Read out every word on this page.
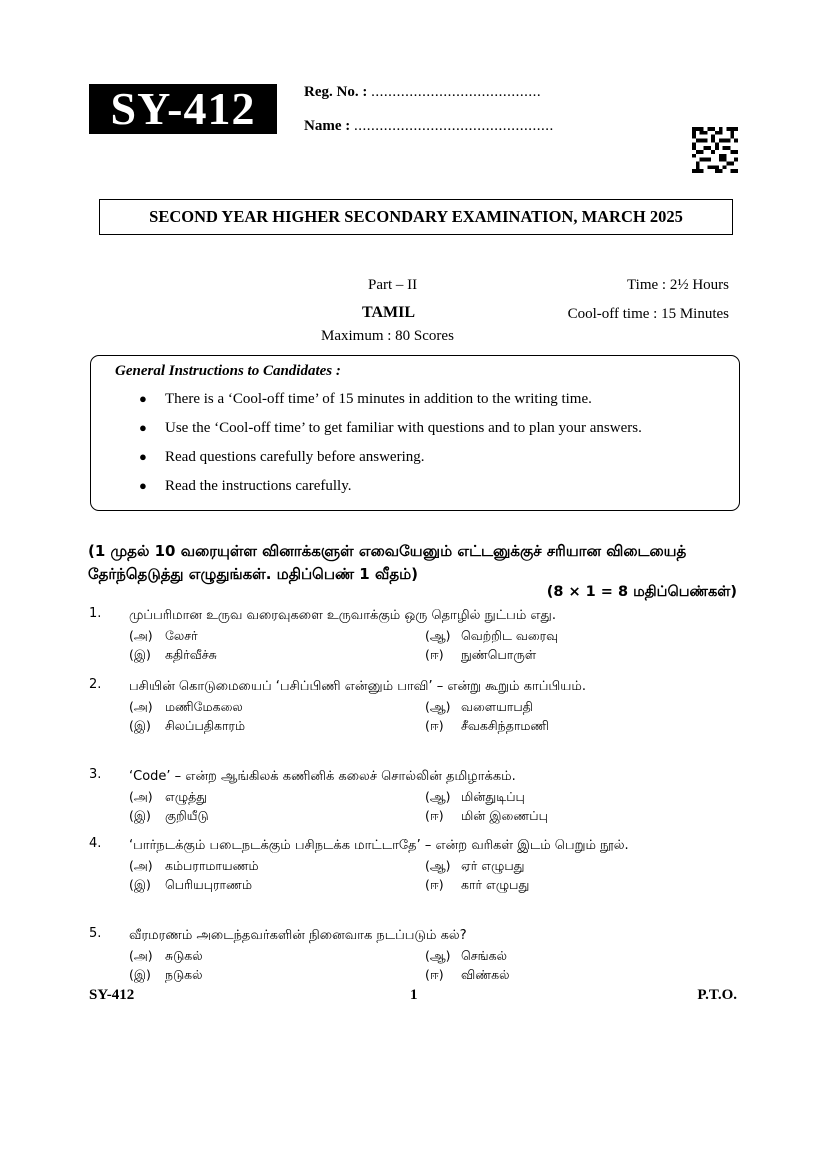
SY-412	Reg. No. : ........................................
Name : ...............................................
SECOND YEAR HIGHER SECONDARY EXAMINATION, MARCH 2025
Part – II	Time : 2½ Hours
TAMIL	Cool-off time : 15 Minutes
Maximum : 80 Scores
General Instructions to Candidates :
● There is a ‘Cool-off time’ of 15 minutes in addition to the writing time.
● Use the ‘Cool-off time’ to get familiar with questions and to plan your answers.
● Read questions carefully before answering.
● Read the instructions carefully.
(1 முதல் 10 வரையுள்ள வினாக்களுள் எவையேனும் எட்டனுக்குச் சரியான விடையைத் தேர்ந்தெடுத்து எழுதுங்கள். மதிப்பெண் 1 வீதம்)
(8 × 1 = 8 மதிப்பெண்கள்)
1. முப்பரிமான உருவ வரைவுகளை உருவாக்கும் ஒரு தொழில் நுட்பம் எது.
(அ) லேசர்	(ஆ) வெற்றிட வரைவு
(இ) கதிர்வீச்சு	(ஈ) நுண்பொருள்
2. பசியின் கொடுமையைப் ‘பசிப்பிணி என்னும் பாவி’ – என்று கூறும் காப்பியம்.
(அ) மணிமேகலை	(ஆ) வளையாபதி
(இ) சிலப்பதிகாரம்	(ஈ) சீவகசிந்தாமணி
3. ‘Code’ – என்ற ஆங்கிலக் கணினிக் கலைச் சொல்லின் தமிழாக்கம்.
(அ) எழுத்து	(ஆ) மின்துடிப்பு
(இ) குறியீடு	(ஈ) மின் இணைப்பு
4. ‘பார்நடக்கும் படைநடக்கும் பசிநடக்க மாட்டாதே’ – என்ற வரிகள் இடம் பெறும் நூல்.
(அ) கம்பராமாயணம்	(ஆ) ஏர் எழுபது
(இ) பெரியபுராணம்	(ஈ) கார் எழுபது
5. வீரமரணம் அடைந்தவர்களின் நினைவாக நடப்படும் கல்?
(அ) சுடுகல்	(ஆ) செங்கல்
(இ) நடுகல்	(ஈ) விண்கல்
SY-412	1	P.T.O.
